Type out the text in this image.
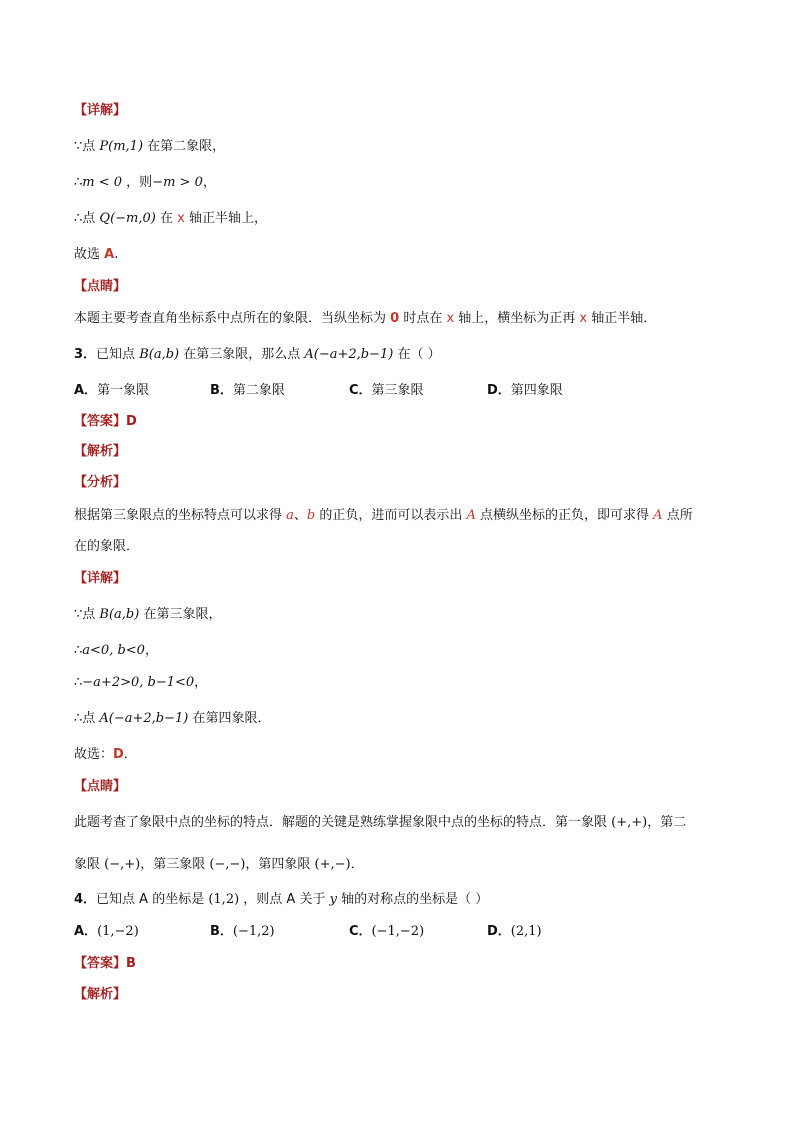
【详解】
∵点 P(m,1) 在第二象限，
∴m < 0 ，则−m > 0，
∴点 Q(−m,0) 在 x 轴正半轴上，
故选 A.
【点睛】
本题主要考查直角坐标系中点所在的象限．当纵坐标为 0 时点在 x 轴上，横坐标为正再 x 轴正半轴．
3．已知点 B(a,b) 在第三象限，那么点 A(−a+2,b−1) 在（ ）
A．第一象限	B．第二象限	C．第三象限	D．第四象限
【答案】D
【解析】
【分析】
根据第三象限点的坐标特点可以求得 a、b 的正负，进而可以表示出 A 点横纵坐标的正负，即可求得 A 点所
在的象限．
【详解】
∵点 B(a,b) 在第三象限，
∴a<0, b<0，
∴−a+2>0, b−1<0，
∴点 A(−a+2,b−1) 在第四象限．
故选：D．
【点睛】
此题考查了象限中点的坐标的特点．解题的关键是熟练掌握象限中点的坐标的特点．第一象限 (+,+)，第二
象限 (−,+)，第三象限 (−,−)，第四象限 (+,−)．
4．已知点 A 的坐标是 (1,2) ，则点 A 关于 y 轴的对称点的坐标是（ ）
A．(1,−2)	B．(−1,2)	C．(−1,−2)	D．(2,1)
【答案】B
【解析】
